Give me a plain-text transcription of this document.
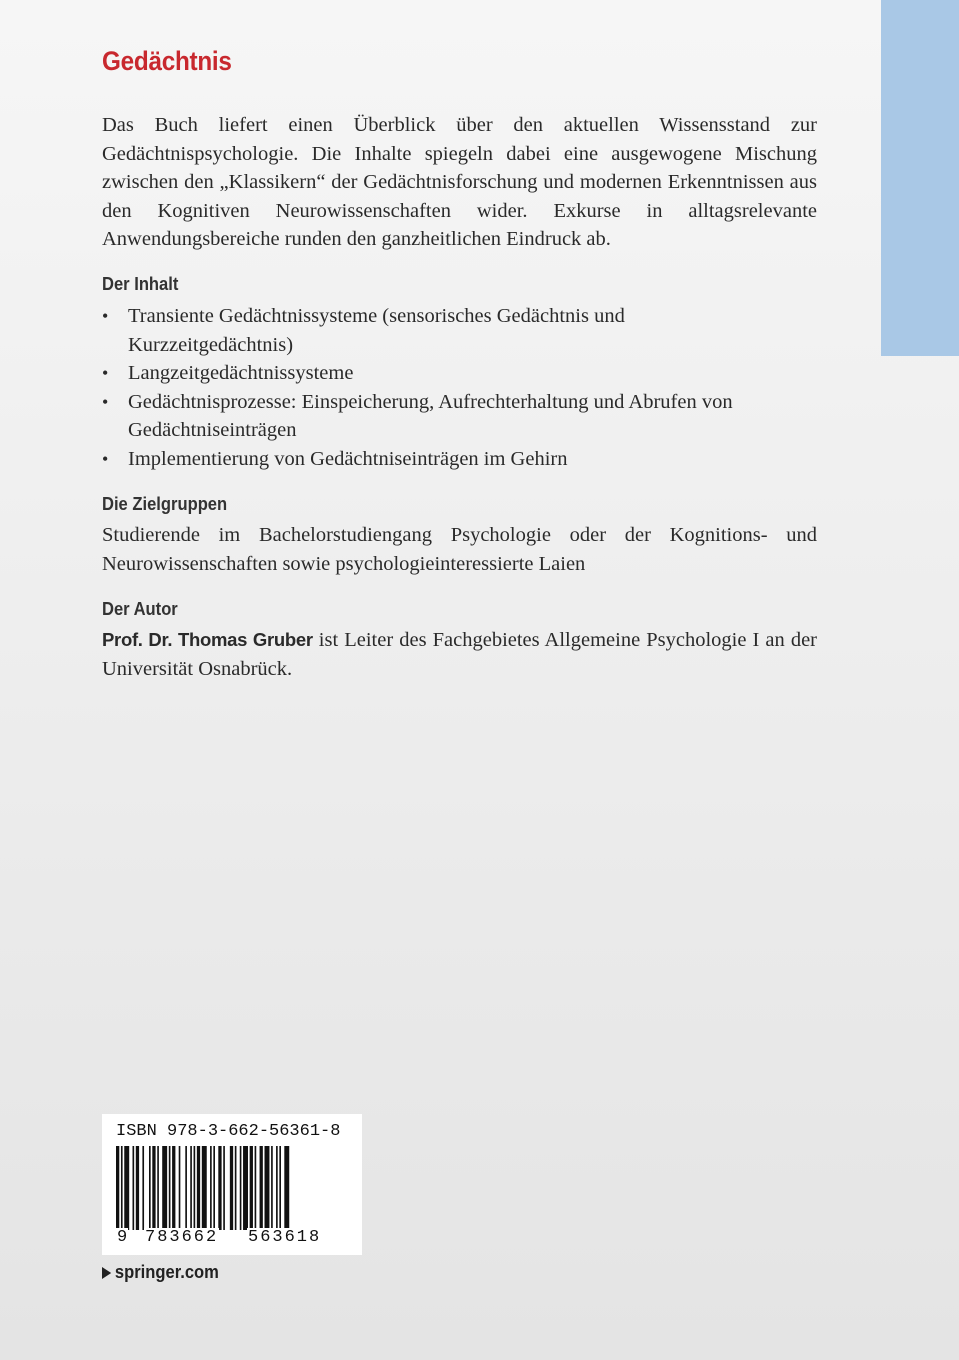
Gedächtnis

Das Buch liefert einen Überblick über den aktuellen Wissensstand zur Gedächtnispsychologie. Die Inhalte spiegeln dabei eine ausgewogene Mischung zwischen den „Klassikern“ der Gedächtnisforschung und modernen Erkenntnissen aus den Kognitiven Neurowissenschaften wider. Exkurse in alltagsrelevante Anwendungsbereiche runden den ganzheitlichen Eindruck ab.

Der Inhalt
• Transiente Gedächtnissysteme (sensorisches Gedächtnis und Kurzzeitgedächtnis)
• Langzeitgedächtnissysteme
• Gedächtnisprozesse: Einspeicherung, Aufrechterhaltung und Abrufen von Gedächtniseinträgen
• Implementierung von Gedächtniseinträgen im Gehirn
Die Zielgruppen

Studierende im Bachelorstudiengang Psychologie oder der Kognitions- und Neurowissenschaften sowie psychologieinteressierte Laien

Der Autor

Prof. Dr. Thomas Gruber ist Leiter des Fachgebietes Allgemeine Psychologie I an der Universität Osnabrück.

ISBN 978-3-662-56361-8
9 783662 563618
springer.com
